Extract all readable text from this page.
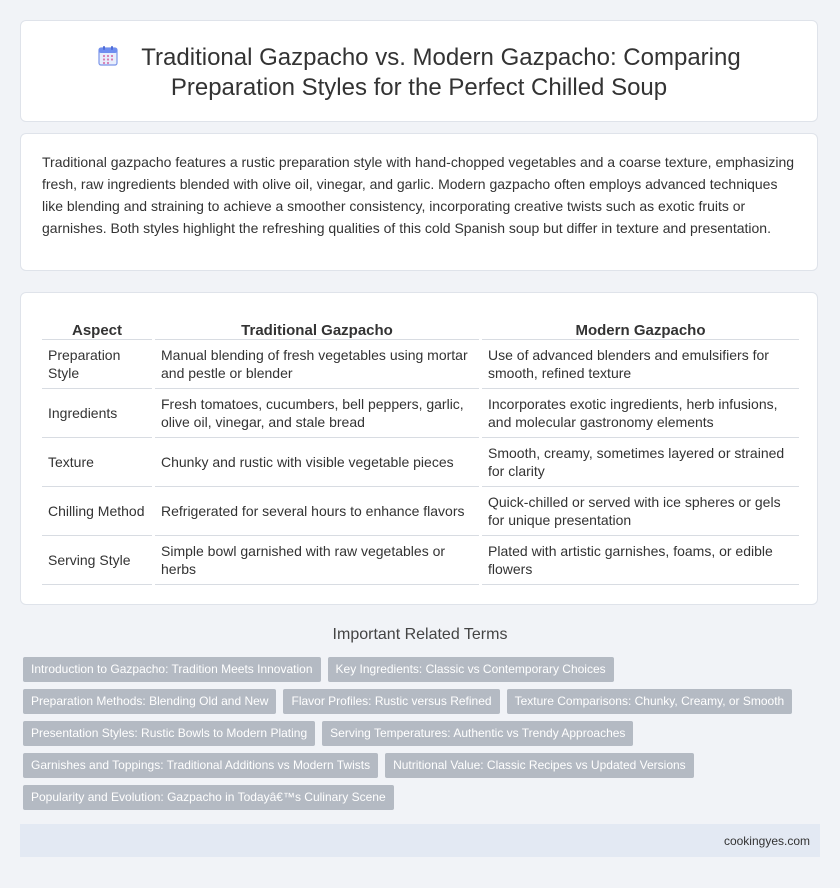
Traditional Gazpacho vs. Modern Gazpacho: Comparing Preparation Styles for the Perfect Chilled Soup
Traditional gazpacho features a rustic preparation style with hand-chopped vegetables and a coarse texture, emphasizing fresh, raw ingredients blended with olive oil, vinegar, and garlic. Modern gazpacho often employs advanced techniques like blending and straining to achieve a smoother consistency, incorporating creative twists such as exotic fruits or garnishes. Both styles highlight the refreshing qualities of this cold Spanish soup but differ in texture and presentation.
Aspect	Traditional Gazpacho	Modern Gazpacho
Preparation Style	Manual blending of fresh vegetables using mortar and pestle or blender	Use of advanced blenders and emulsifiers for smooth, refined texture
Ingredients	Fresh tomatoes, cucumbers, bell peppers, garlic, olive oil, vinegar, and stale bread	Incorporates exotic ingredients, herb infusions, and molecular gastronomy elements
Texture	Chunky and rustic with visible vegetable pieces	Smooth, creamy, sometimes layered or strained for clarity
Chilling Method	Refrigerated for several hours to enhance flavors	Quick-chilled or served with ice spheres or gels for unique presentation
Serving Style	Simple bowl garnished with raw vegetables or herbs	Plated with artistic garnishes, foams, or edible flowers
Important Related Terms
Introduction to Gazpacho: Tradition Meets Innovation	Key Ingredients: Classic vs Contemporary Choices
Preparation Methods: Blending Old and New	Flavor Profiles: Rustic versus Refined	Texture Comparisons: Chunky, Creamy, or Smooth
Presentation Styles: Rustic Bowls to Modern Plating	Serving Temperatures: Authentic vs Trendy Approaches
Garnishes and Toppings: Traditional Additions vs Modern Twists	Nutritional Value: Classic Recipes vs Updated Versions
Popularity and Evolution: Gazpacho in Todayâ€™s Culinary Scene
cookingyes.com
